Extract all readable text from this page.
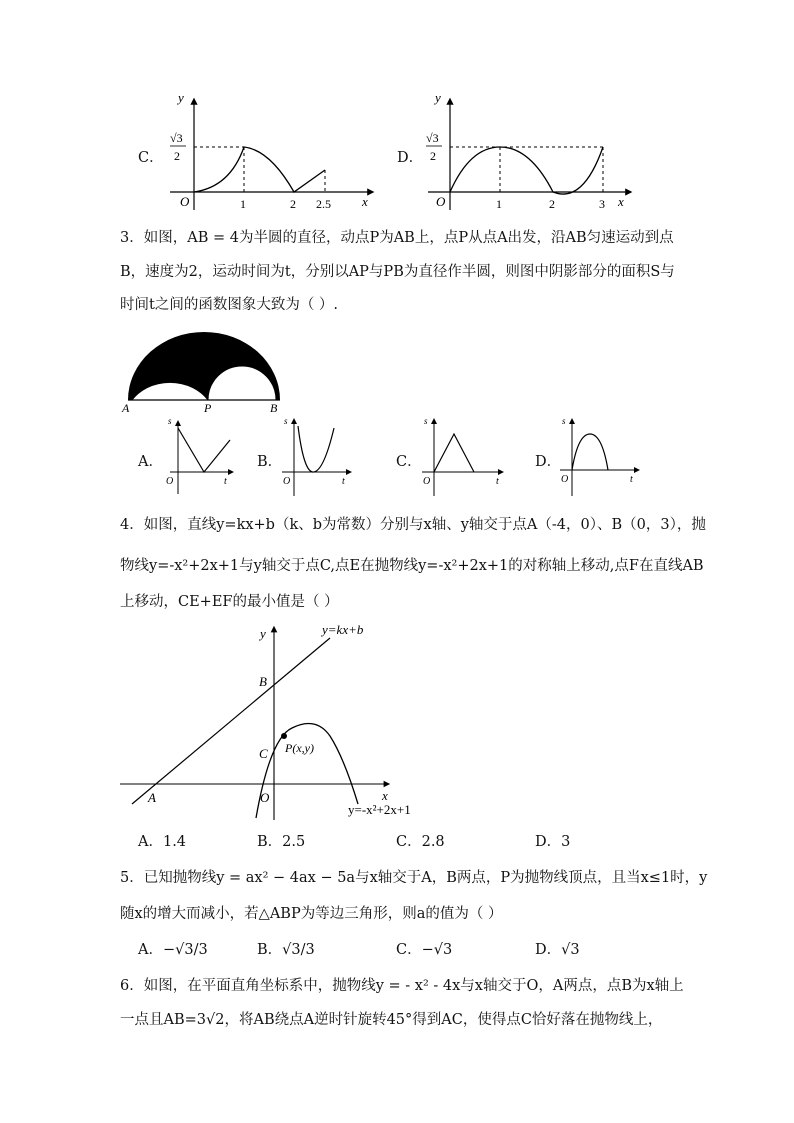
C．
y
x
O	1	2 2.5
√3
2	D．
y
x
O	1	2	3
√3
2
3．如图，AB = 4为半圆的直径，动点P为AB上，点P从点A出发，沿AB匀速运动到点
B，速度为2，运动时间为t，分别以AP与PB为直径作半圆，则图中阴影部分的面积S与
时间t之间的函数图象大致为（ ）.
A	P	B
A．
s
t
O
B．
s
t
O
C．
s
t
O
D．
s
t
O
4．如图，直线y=kx+b（k、b为常数）分别与x轴、y轴交于点A（-4，0）、B（0，3），抛
物线y=-x²+2x+1与y轴交于点C,点E在抛物线y=-x²+2x+1的对称轴上移动,点F在直线AB
上移动，CE+EF的最小值是（ ）
y=kx+b
y
x
B
C P(x,y)
A	O
y=-x²+2x+1
A．1.4	B．2.5	C．2.8	D．3
5．已知抛物线y = ax² − 4ax − 5a与x轴交于A，B两点，P为抛物线顶点，且当x≤1时，y
随x的增大而减小，若△ABP为等边三角形，则a的值为（ ）
A．−√3/3	B．√3/3	C．−√3	D．√3
6．如图，在平面直角坐标系中，抛物线y = - x² - 4x与x轴交于O，A两点，点B为x轴上
一点且AB=3√2，将AB绕点A逆时针旋转45°得到AC，使得点C恰好落在抛物线上，
